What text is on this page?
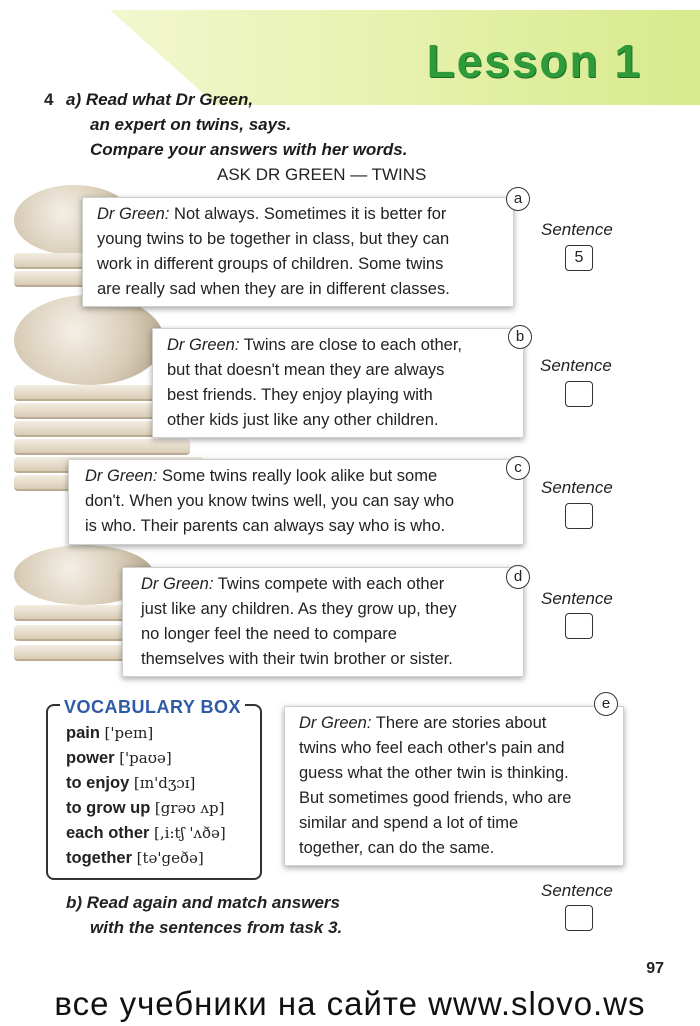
Lesson 1
4 a) Read what Dr Green,
an expert on twins, says.
Compare your answers with her words.
ASK DR GREEN — TWINS
Dr Green: Not always. Sometimes it is better for
young twins to be together in class, but they can
work in different groups of children. Some twins
are really sad when they are in different classes.
a
Sentence
5
Dr Green: Twins are close to each other,
but that doesn't mean they are always
best friends. They enjoy playing with
other kids just like any other children.
b
Sentence
Dr Green: Some twins really look alike but some
don't. When you know twins well, you can say who
is who. Their parents can always say who is who.
c
Sentence
Dr Green: Twins compete with each other
just like any children. As they grow up, they
no longer feel the need to compare
themselves with their twin brother or sister.
d
Sentence
VOCABULARY BOX
pain ['peɪn]
power ['paʊə]
to enjoy [ɪn'dʒɔɪ]
to grow up [grəʊ ʌp]
each other [,i:tʃ 'ʌðə]
together [tə'geðə]
Dr Green: There are stories about
twins who feel each other's pain and
guess what the other twin is thinking.
But sometimes good friends, who are
similar and spend a lot of time
together, can do the same.
e
Sentence
b) Read again and match answers
with the sentences from task 3.
97
все учебники на сайте www.slovo.ws
